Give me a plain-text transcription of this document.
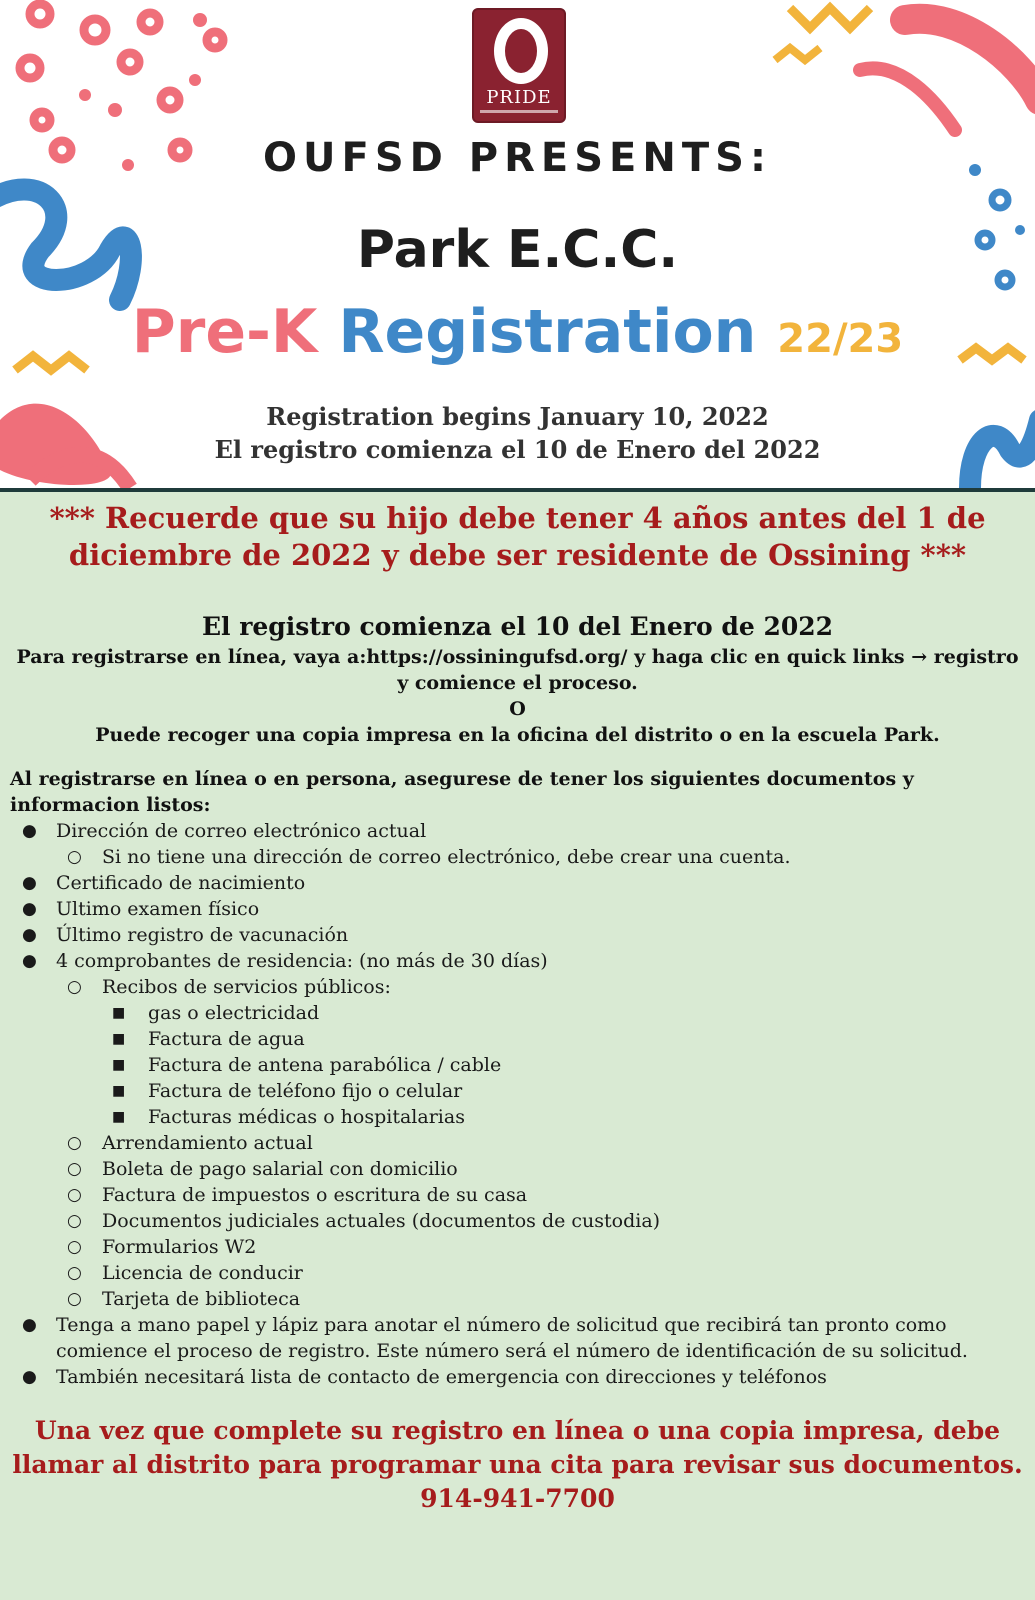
PRIDE
OUFSD PRESENTS:
Park E.C.C.
Pre-K Registration 22/23
Registration begins January 10, 2022
El registro comienza el 10 de Enero del 2022
*** Recuerde que su hijo debe tener 4 años antes del 1 de diciembre de 2022 y debe ser residente de Ossining ***
El registro comienza el 10 del Enero de 2022
Para registrarse en línea, vaya a:https://ossiningufsd.org/ y haga clic en quick links → registro y comience el proceso.
O
Puede recoger una copia impresa en la oficina del distrito o en la escuela Park.
Al registrarse en línea o en persona, asegurese de tener los siguientes documentos y informacion listos:
● Dirección de correo electrónico actual
○ Si no tiene una dirección de correo electrónico, debe crear una cuenta.
● Certificado de nacimiento
● Ultimo examen físico
● Último registro de vacunación
● 4 comprobantes de residencia: (no más de 30 días)
○ Recibos de servicios públicos:
■ gas o electricidad
■ Factura de agua
■ Factura de antena parabólica / cable
■ Factura de teléfono fijo o celular
■ Facturas médicas o hospitalarias
○ Arrendamiento actual
○ Boleta de pago salarial con domicilio
○ Factura de impuestos o escritura de su casa
○ Documentos judiciales actuales (documentos de custodia)
○ Formularios W2
○ Licencia de conducir
○ Tarjeta de biblioteca
● Tenga a mano papel y lápiz para anotar el número de solicitud que recibirá tan pronto como comience el proceso de registro. Este número será el número de identificación de su solicitud.
● También necesitará lista de contacto de emergencia con direcciones y teléfonos
Una vez que complete su registro en línea o una copia impresa, debe llamar al distrito para programar una cita para revisar sus documentos.
914-941-7700
